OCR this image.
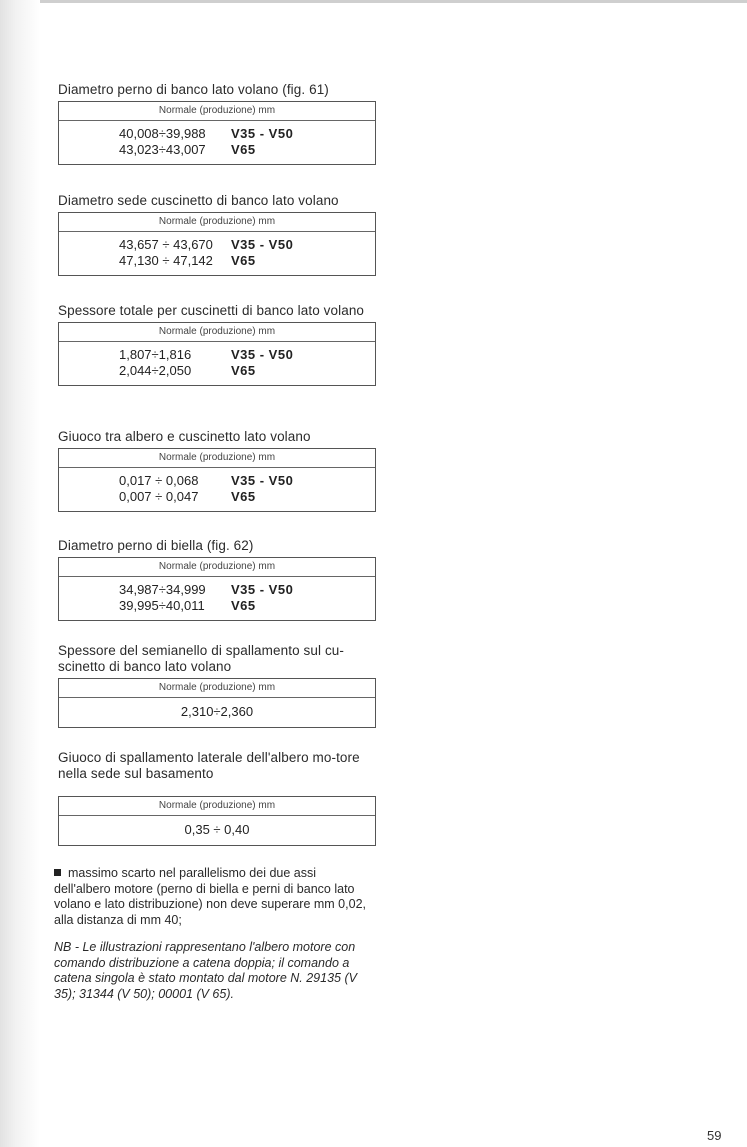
Diametro perno di banco lato volano (fig. 61)
Normale (produzione) mm
40,008÷39,988 V35 - V50
43,023÷43,007 V65
Diametro sede cuscinetto di banco lato volano
Normale (produzione) mm
43,657 ÷ 43,670 V35 - V50
47,130 ÷ 47,142 V65
Spessore totale per cuscinetti di banco lato volano
Normale (produzione) mm
1,807÷1,816	V35 - V50
2,044÷2,050	V65
Giuoco tra albero e cuscinetto lato volano
Normale (produzione) mm
0,017 ÷ 0,068	V35 - V50
0,007 ÷ 0,047	V65
Diametro perno di biella (fig. 62)
Normale (produzione) mm
34,987÷34,999 V35 - V50
39,995÷40,011 V65
Spessore del semianello di spallamento sul cu-scinetto di banco lato volano
Normale (produzione) mm
2,310÷2,360
Giuoco di spallamento laterale dell'albero mo-tore nella sede sul basamento
Normale (produzione) mm
0,35 ÷ 0,40
massimo scarto nel parallelismo dei due assi dell'albero motore (perno di biella e perni di banco lato volano e lato distribuzione) non deve superare mm 0,02, alla distanza di mm 40;
NB - Le illustrazioni rappresentano l'albero motore con comando distribuzione a catena doppia; il comando a catena singola è stato montato dal motore N. 29135 (V 35); 31344 (V 50); 00001 (V 65).
59
